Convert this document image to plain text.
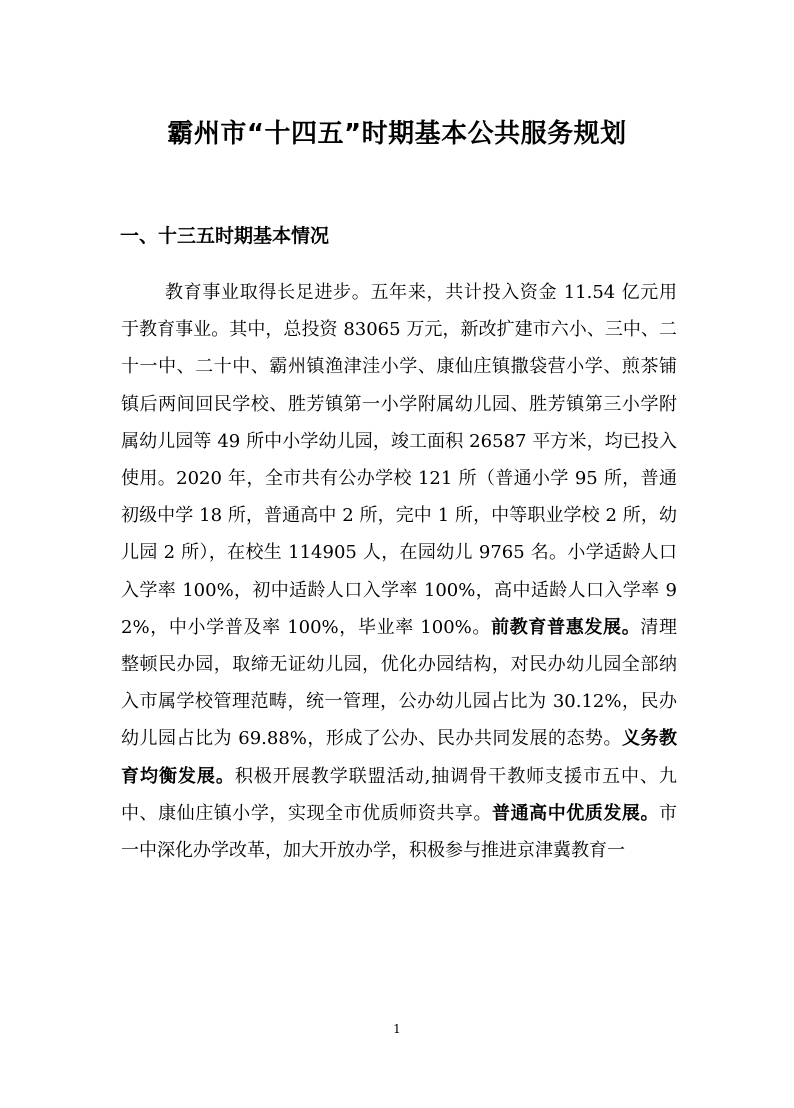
霸州市“十四五”时期基本公共服务规划
一、十三五时期基本情况

教育事业取得长足进步。五年来，共计投入资金 11.54 亿元用于教育事业。其中，总投资 83065 万元，新改扩建市六小、三中、二十一中、二十中、霸州镇渔津洼小学、康仙庄镇撒袋营小学、煎茶铺镇后两间回民学校、胜芳镇第一小学附属幼儿园、胜芳镇第三小学附属幼儿园等 49 所中小学幼儿园，竣工面积 26587 平方米，均已投入使用。2020 年，全市共有公办学校 121 所（普通小学 95 所，普通初级中学 18 所，普通高中 2 所，完中 1 所，中等职业学校 2 所，幼儿园 2 所），在校生 114905 人，在园幼儿 9765 名。小学适龄人口入学率 100%，初中适龄人口入学率 100%，高中适龄人口入学率 92%，中小学普及率 100%，毕业率 100%。前教育普惠发展。清理整顿民办园，取缔无证幼儿园，优化办园结构，对民办幼儿园全部纳入市属学校管理范畴，统一管理，公办幼儿园占比为 30.12%，民办幼儿园占比为 69.88%，形成了公办、民办共同发展的态势。义务教育均衡发展。积极开展教学联盟活动,抽调骨干教师支援市五中、九中、康仙庄镇小学，实现全市优质师资共享。普通高中优质发展。市一中深化办学改革，加大开放办学，积极参与推进京津冀教育一

1
